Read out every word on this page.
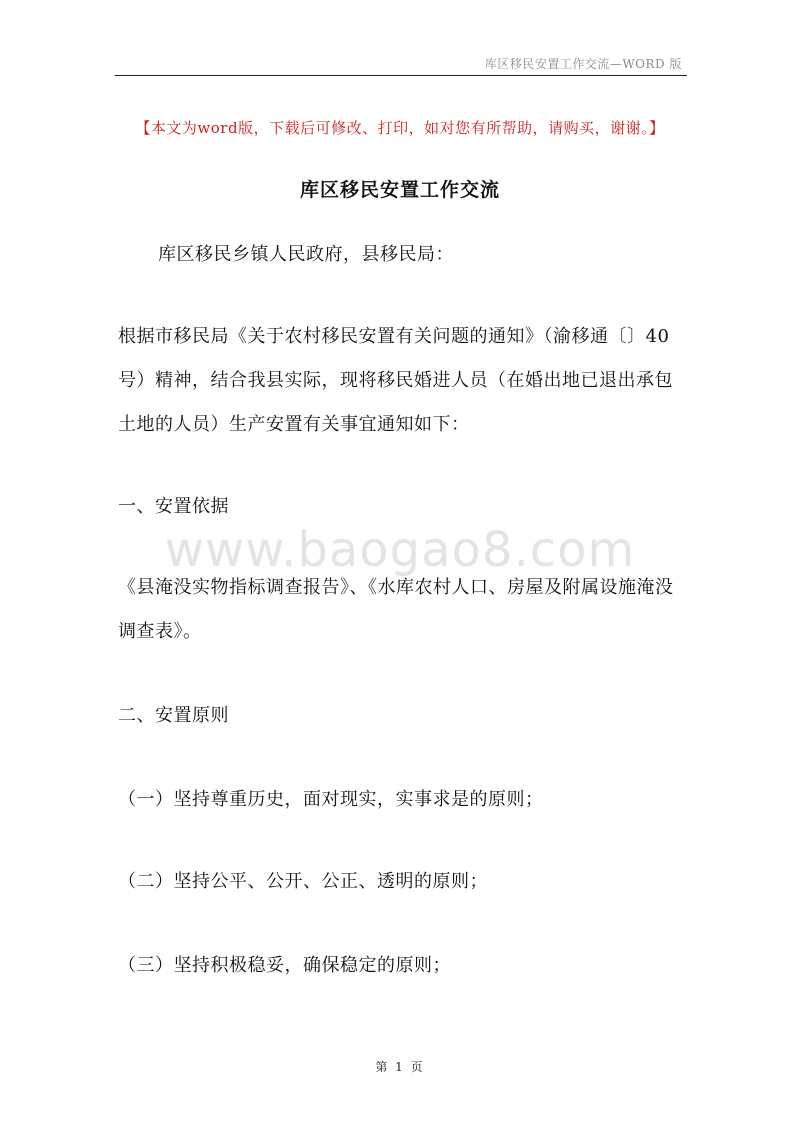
库区移民安置工作交流—WORD 版
【本文为word版，下载后可修改、打印，如对您有所帮助，请购买，谢谢。】
库区移民安置工作交流

库区移民乡镇人民政府，县移民局：

根据市移民局《关于农村移民安置有关问题的通知》（渝移通〔〕40号）精神，结合我县实际，现将移民婚进人员（在婚出地已退出承包土地的人员）生产安置有关事宜通知如下：

一、安置依据

www.baogao8.com

《县淹没实物指标调查报告》、《水库农村人口、房屋及附属设施淹没调查表》。

二、安置原则

（一）坚持尊重历史，面对现实，实事求是的原则；

（二）坚持公平、公开、公正、透明的原则；

（三）坚持积极稳妥，确保稳定的原则；

第 1 页
